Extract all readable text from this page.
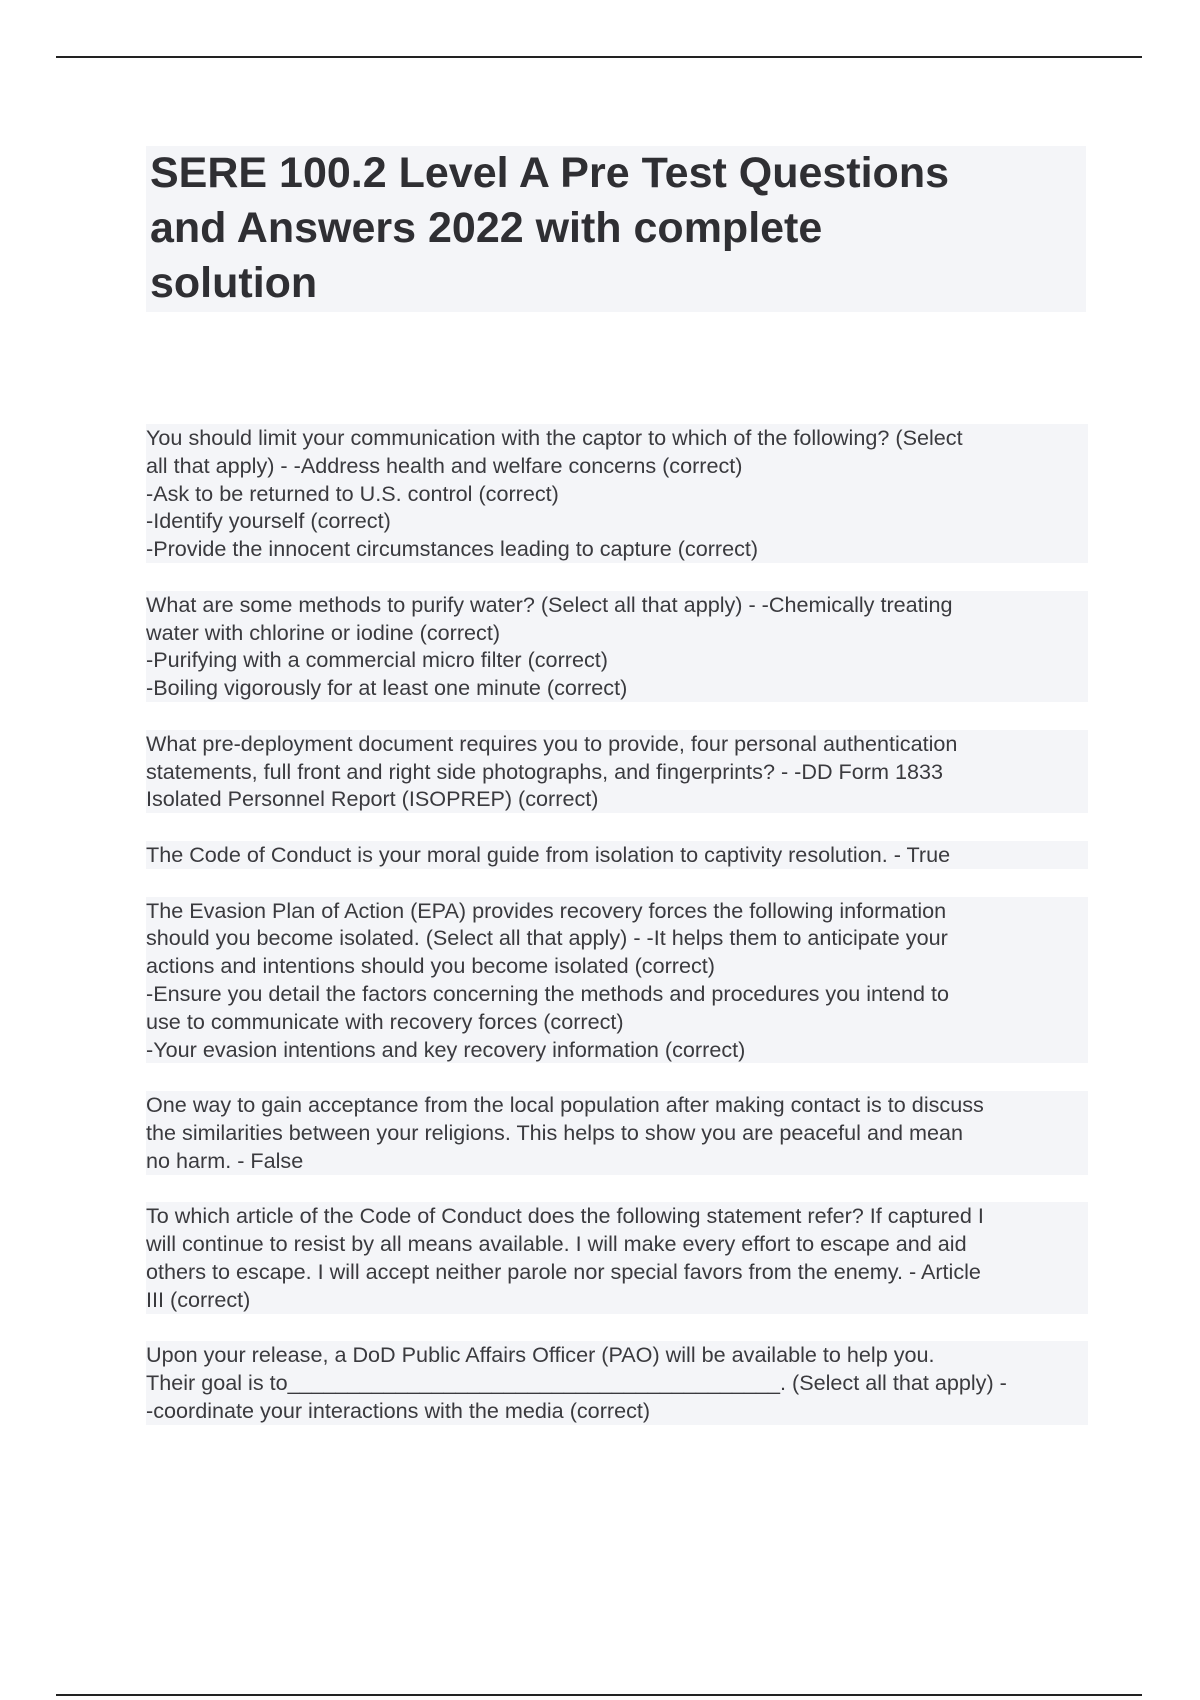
SERE 100.2 Level A Pre Test Questions
and Answers 2022 with complete
solution

You should limit your communication with the captor to which of the following? (Select
all that apply) - -Address health and welfare concerns (correct)
-Ask to be returned to U.S. control (correct)
-Identify yourself (correct)
-Provide the innocent circumstances leading to capture (correct)

What are some methods to purify water? (Select all that apply) - -Chemically treating
water with chlorine or iodine (correct)
-Purifying with a commercial micro filter (correct)
-Boiling vigorously for at least one minute (correct)

What pre-deployment document requires you to provide, four personal authentication
statements, full front and right side photographs, and fingerprints? - -DD Form 1833
Isolated Personnel Report (ISOPREP) (correct)

The Code of Conduct is your moral guide from isolation to captivity resolution. - True

The Evasion Plan of Action (EPA) provides recovery forces the following information
should you become isolated. (Select all that apply) - -It helps them to anticipate your
actions and intentions should you become isolated (correct)
-Ensure you detail the factors concerning the methods and procedures you intend to
use to communicate with recovery forces (correct)
-Your evasion intentions and key recovery information (correct)

One way to gain acceptance from the local population after making contact is to discuss
the similarities between your religions. This helps to show you are peaceful and mean
no harm. - False

To which article of the Code of Conduct does the following statement refer? If captured I
will continue to resist by all means available. I will make every effort to escape and aid
others to escape. I will accept neither parole nor special favors from the enemy. - Article
III (correct)

Upon your release, a DoD Public Affairs Officer (PAO) will be available to help you.
Their goal is to_________________________________________. (Select all that apply) -
-coordinate your interactions with the media (correct)
